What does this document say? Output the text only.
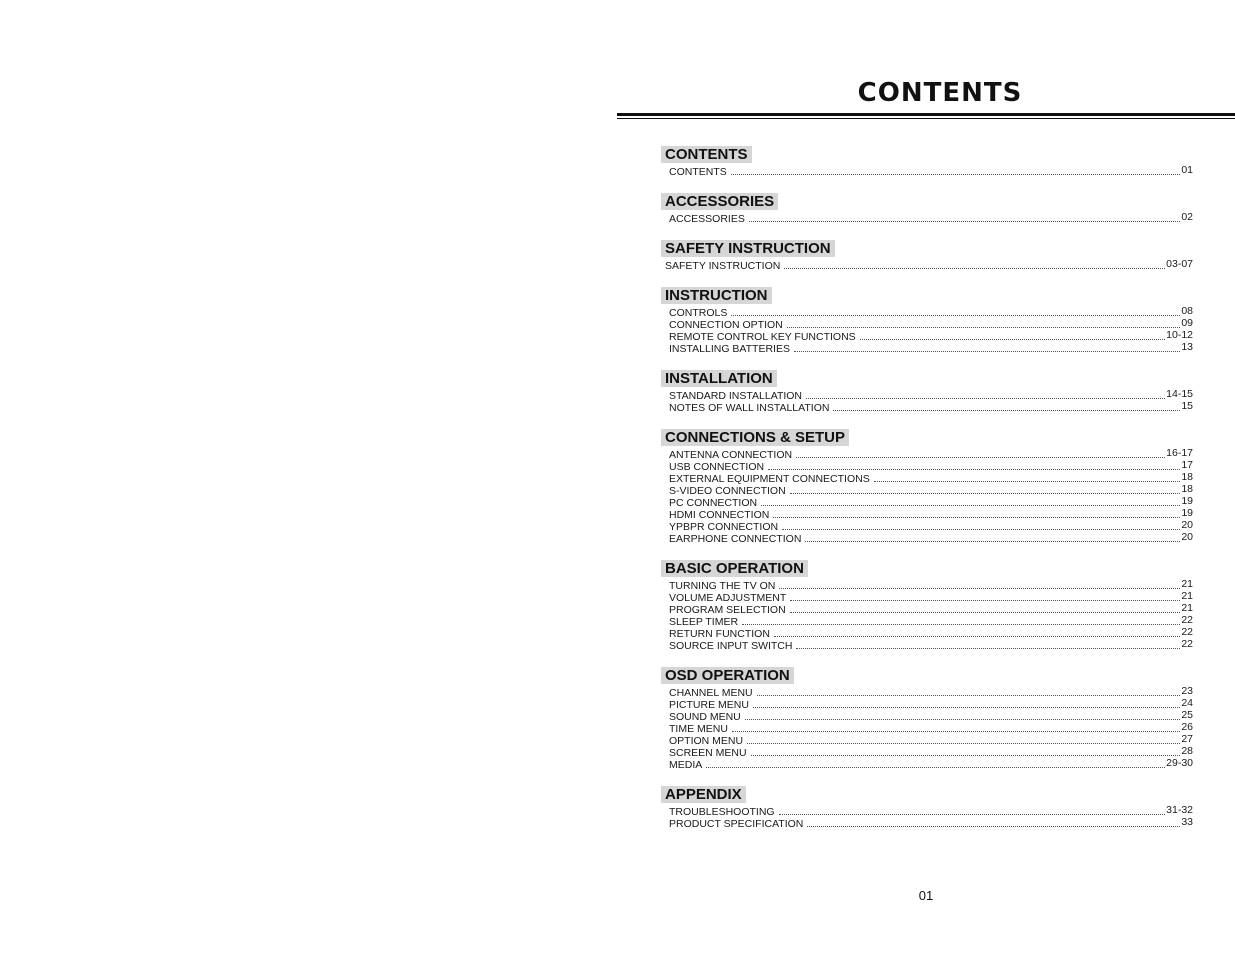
CONTENTS
CONTENTS

CONTENTS	01
ACCESSORIES

ACCESSORIES	02
SAFETY INSTRUCTION

SAFETY INSTRUCTION	03-07
INSTRUCTION

CONTROLS	08
CONNECTION OPTION	09
REMOTE CONTROL KEY FUNCTIONS	10-12
INSTALLING BATTERIES	13
INSTALLATION

STANDARD INSTALLATION	14-15
NOTES OF WALL INSTALLATION	15
CONNECTIONS & SETUP

ANTENNA CONNECTION	16-17
USB CONNECTION	17
EXTERNAL EQUIPMENT CONNECTIONS	18
S-VIDEO CONNECTION	18
PC CONNECTION	19
HDMI CONNECTION	19
YPBPR CONNECTION	20
EARPHONE CONNECTION	20
BASIC OPERATION

TURNING THE TV ON	21
VOLUME ADJUSTMENT	21
PROGRAM SELECTION	21
SLEEP TIMER	22
RETURN FUNCTION	22
SOURCE INPUT SWITCH	22
OSD OPERATION

CHANNEL MENU	23
PICTURE MENU	24
SOUND MENU	25
TIME MENU	26
OPTION MENU	27
SCREEN MENU	28
MEDIA	29-30
APPENDIX

TROUBLESHOOTING	31-32
PRODUCT SPECIFICATION	33
01
